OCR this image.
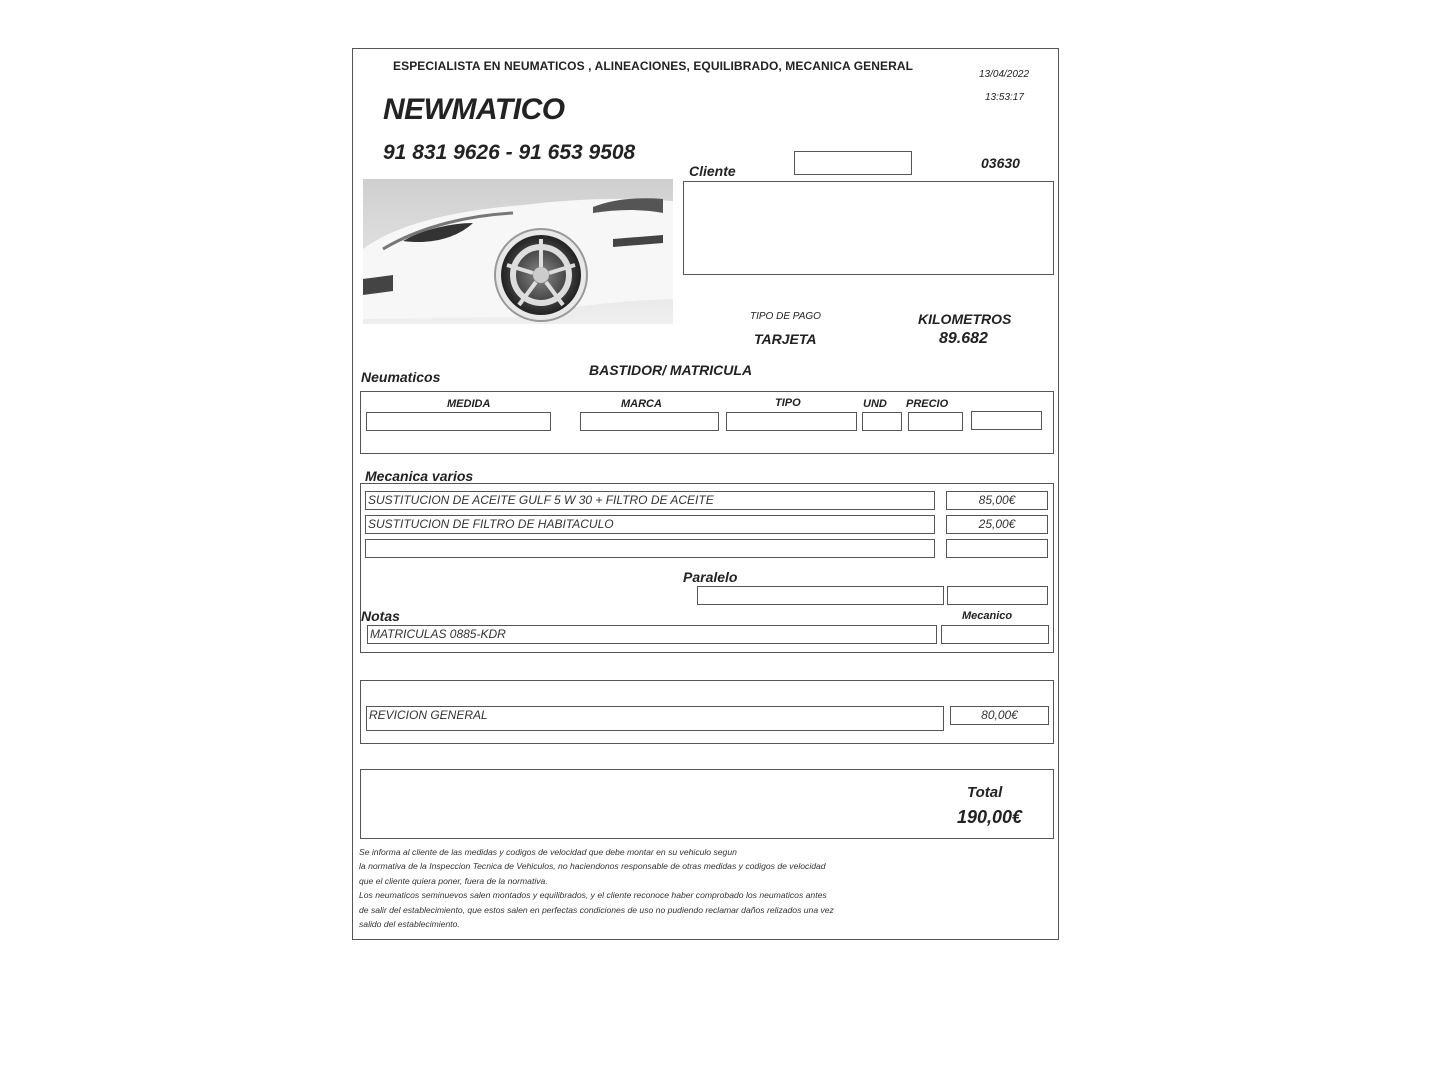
ESPECIALISTA EN NEUMATICOS , ALINEACIONES, EQUILIBRADO, MECANICA GENERAL
13/04/2022
13:53:17
NEWMATICO
91 831 9626 - 91 653 9508
Cliente	03630
TIPO DE PAGO
TARJETA
KILOMETROS
89.682
Neumaticos	BASTIDOR/ MATRICULA
MEDIDA	MARCA	TIPO	UND PRECIO
Mecanica varios
SUSTITUCION DE ACEITE GULF 5 W 30 + FILTRO DE ACEITE	85,00€
SUSTITUCION DE FILTRO DE HABITACULO	25,00€
Paralelo
Notas	Mecanico
MATRICULAS 0885-KDR
REVICION GENERAL	80,00€
Total
190,00€
Se informa al cliente de las medidas y codigos de velocidad que debe montar en su vehiculo segun
la normativa de la Inspeccion Tecnica de Vehiculos, no haciendonos responsable de otras medidas y codigos de velocidad
que el cliente quiera poner, fuera de la normativa.
Los neumaticos seminuevos salen montados y equilibrados, y el cliente reconoce haber comprobado los neumaticos antes
de salir del establecimiento, que estos salen en perfectas condiciones de uso no pudiendo reclamar daños relizados una vez
salido del establecimiento.
